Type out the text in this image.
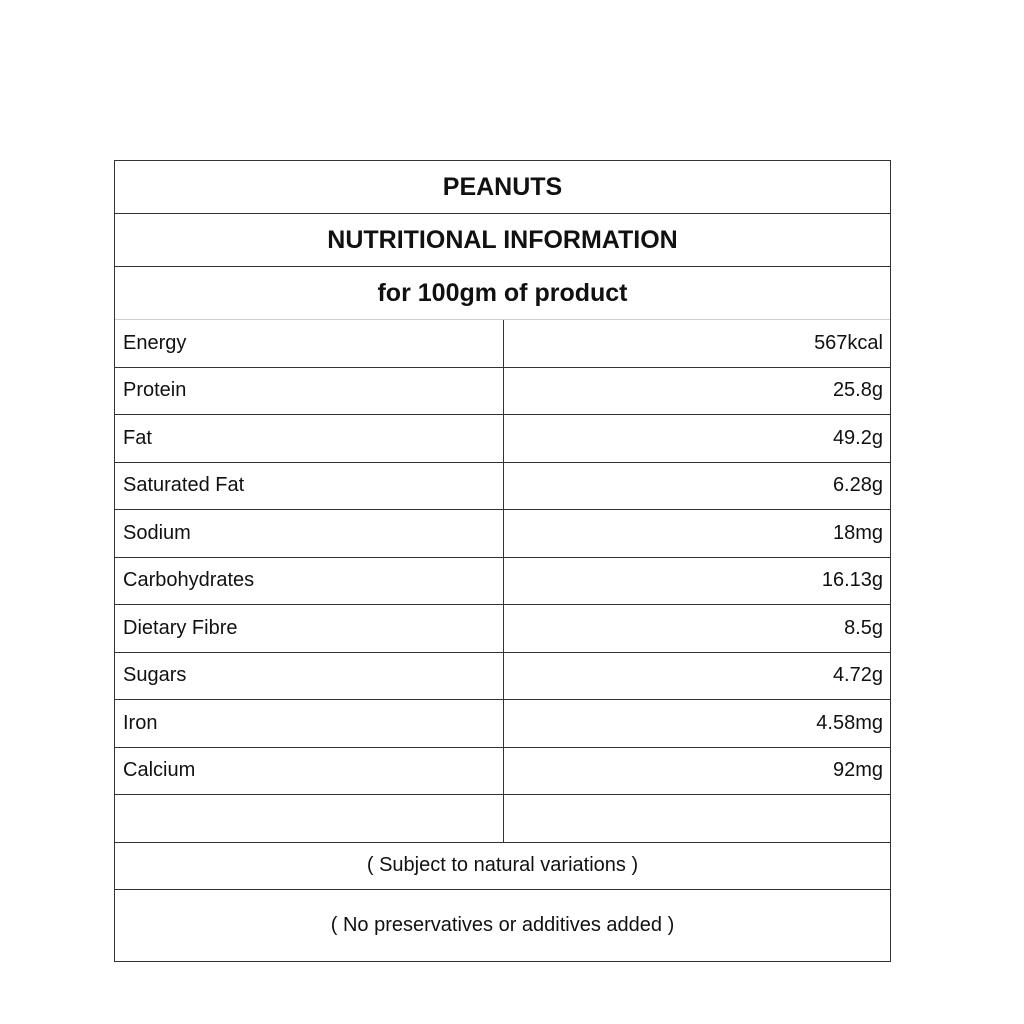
PEANUTS
NUTRITIONAL INFORMATION
for 100gm of product
Energy	567kcal
Protein	25.8g
Fat	49.2g
Saturated Fat	6.28g
Sodium	18mg
Carbohydrates	16.13g
Dietary Fibre	8.5g
Sugars	4.72g
Iron	4.58mg
Calcium	92mg
( Subject to natural variations )
( No preservatives or additives added )
